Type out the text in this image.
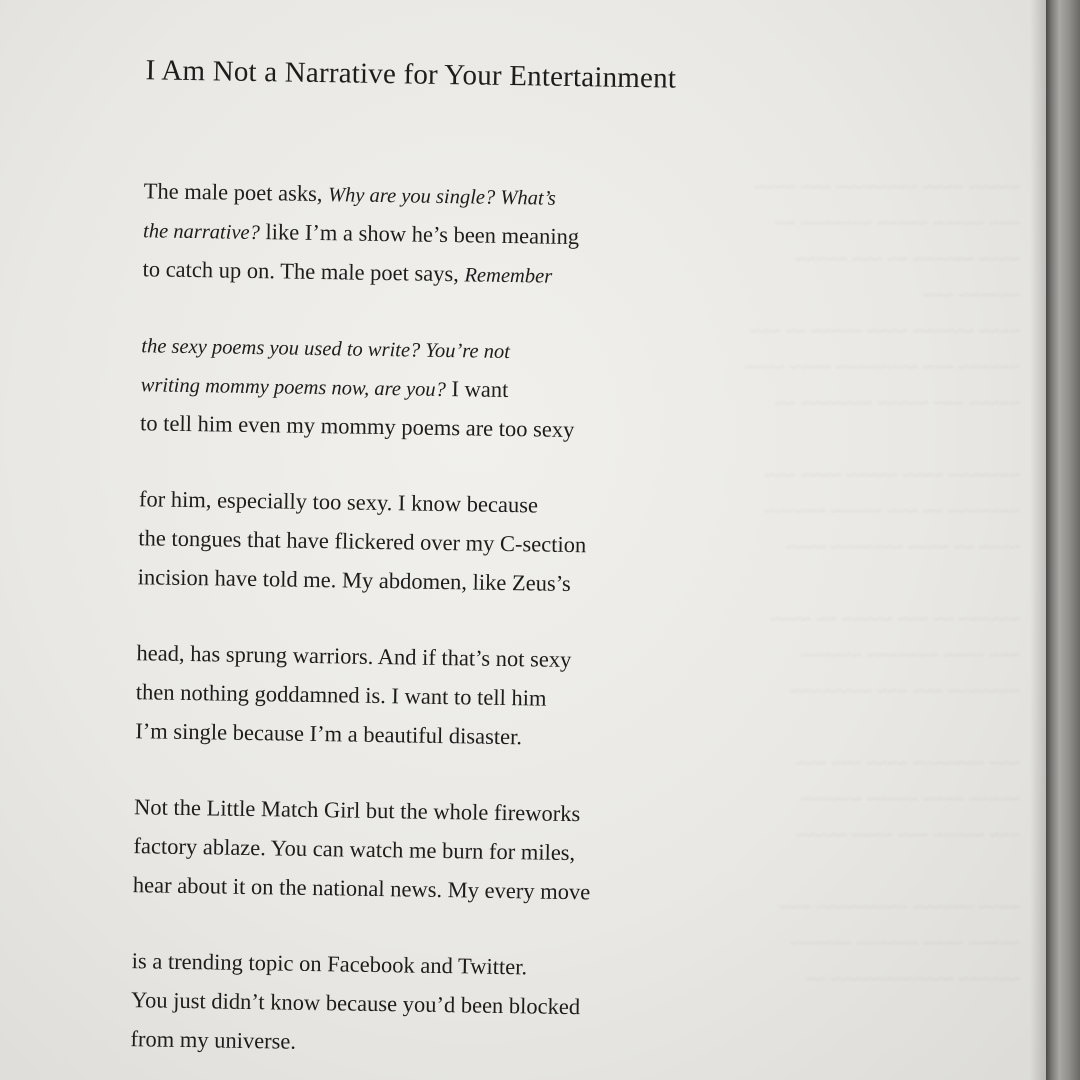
~~~~~ ~~~~ ~~~~~~~~ ~~~ ~~~~
~~~ ~~~~~ ~~~~~ ~~~~~~~ ~~
~~~~ ~~~~~~ ~~ ~~~ ~~~~~
~~~~~~ ~~~
~~~~ ~~~~~~ ~~~~ ~~~~~ ~~ ~~~
~~~~~~ ~~~ ~~~~~~~~ ~~~~ ~~~~
~~~~~ ~~~ ~~~~~ ~~~~~~~ ~~

~~~~~~~ ~~~~ ~~~~~ ~~~~ ~~~
~~~~~~~ ~~ ~~~ ~~~~~ ~~~~~~
~~~~ ~~ ~~~~ ~~~~~~~ ~~~~

~~~~~~ ~~ ~~~ ~~~~~ ~~ ~~~~
~~~ ~~~~ ~~~~~~~ ~~~~~~
~~~~~~~ ~~~ ~~~ ~~~~~~~~

~~~ ~~~~~~~ ~~~~ ~~~ ~~~
~~~~~ ~~~~ ~~~~~ ~~~~~~
~~~ ~~~~~ ~~~ ~~~~ ~~~~~

~~~~ ~~~~~~ ~~~~~~~~~ ~~~
~~~~~ ~~~~ ~~~~~~ ~~~~~~
~~~~~~ ~~~~~~~~~~~~ ~~
I Am Not a Narrative for Your Entertainment
The male poet asks, Why are you single? What’s
the narrative? like I’m a show he’s been meaning
to catch up on. The male poet says, Remember
the sexy poems you used to write? You’re not
writing mommy poems now, are you? I want
to tell him even my mommy poems are too sexy
for him, especially too sexy. I know because
the tongues that have flickered over my C-section
incision have told me. My abdomen, like Zeus’s
head, has sprung warriors. And if that’s not sexy
then nothing goddamned is. I want to tell him
I’m single because I’m a beautiful disaster.
Not the Little Match Girl but the whole fireworks
factory ablaze. You can watch me burn for miles,
hear about it on the national news. My every move
is a trending topic on Facebook and Twitter.
You just didn’t know because you’d been blocked
from my universe.
